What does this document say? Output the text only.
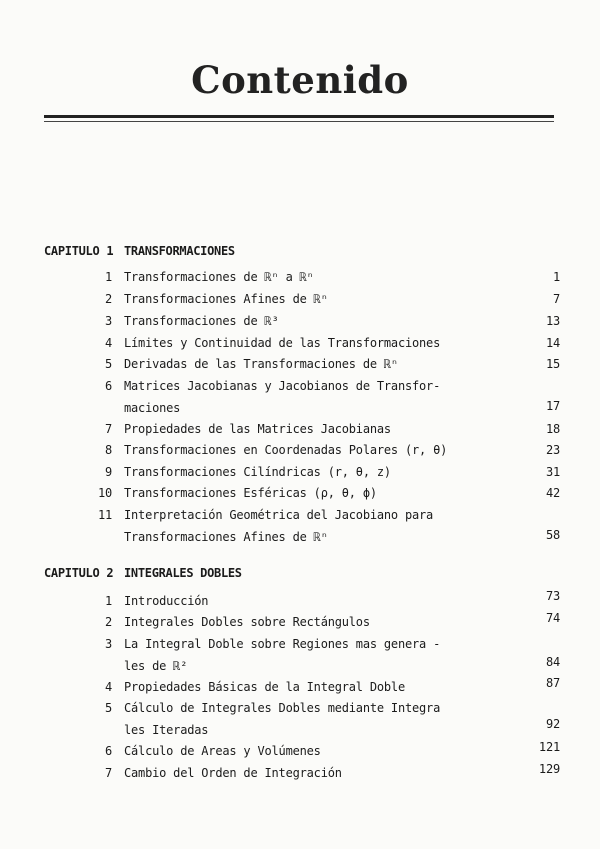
Contenido
CAPITULO 1 TRANSFORMACIONES
1 Transformaciones de ℝⁿ a ℝⁿ	1
2 Transformaciones Afines de ℝⁿ	7
3 Transformaciones de ℝ³	13
4 Límites y Continuidad de las Transformaciones	14
5 Derivadas de las Transformaciones de ℝⁿ	15
6 Matrices Jacobianas y Jacobianos de Transfor-
maciones	17
7 Propiedades de las Matrices Jacobianas	18
8 Transformaciones en Coordenadas Polares (r, θ)	23
9 Transformaciones Cilíndricas (r, θ, z)	31
10 Transformaciones Esféricas (ρ, θ, ϕ)	42
11 Interpretación Geométrica del Jacobiano para
Transformaciones Afines de ℝⁿ	58
CAPITULO 2 INTEGRALES DOBLES
1 Introducción	73
2 Integrales Dobles sobre Rectángulos	74
3 La Integral Doble sobre Regiones mas genera -
les de ℝ²	84
4 Propiedades Básicas de la Integral Doble	87
5 Cálculo de Integrales Dobles mediante Integra
les Iteradas	92
6 Cálculo de Areas y Volúmenes	121
7 Cambio del Orden de Integración	129
